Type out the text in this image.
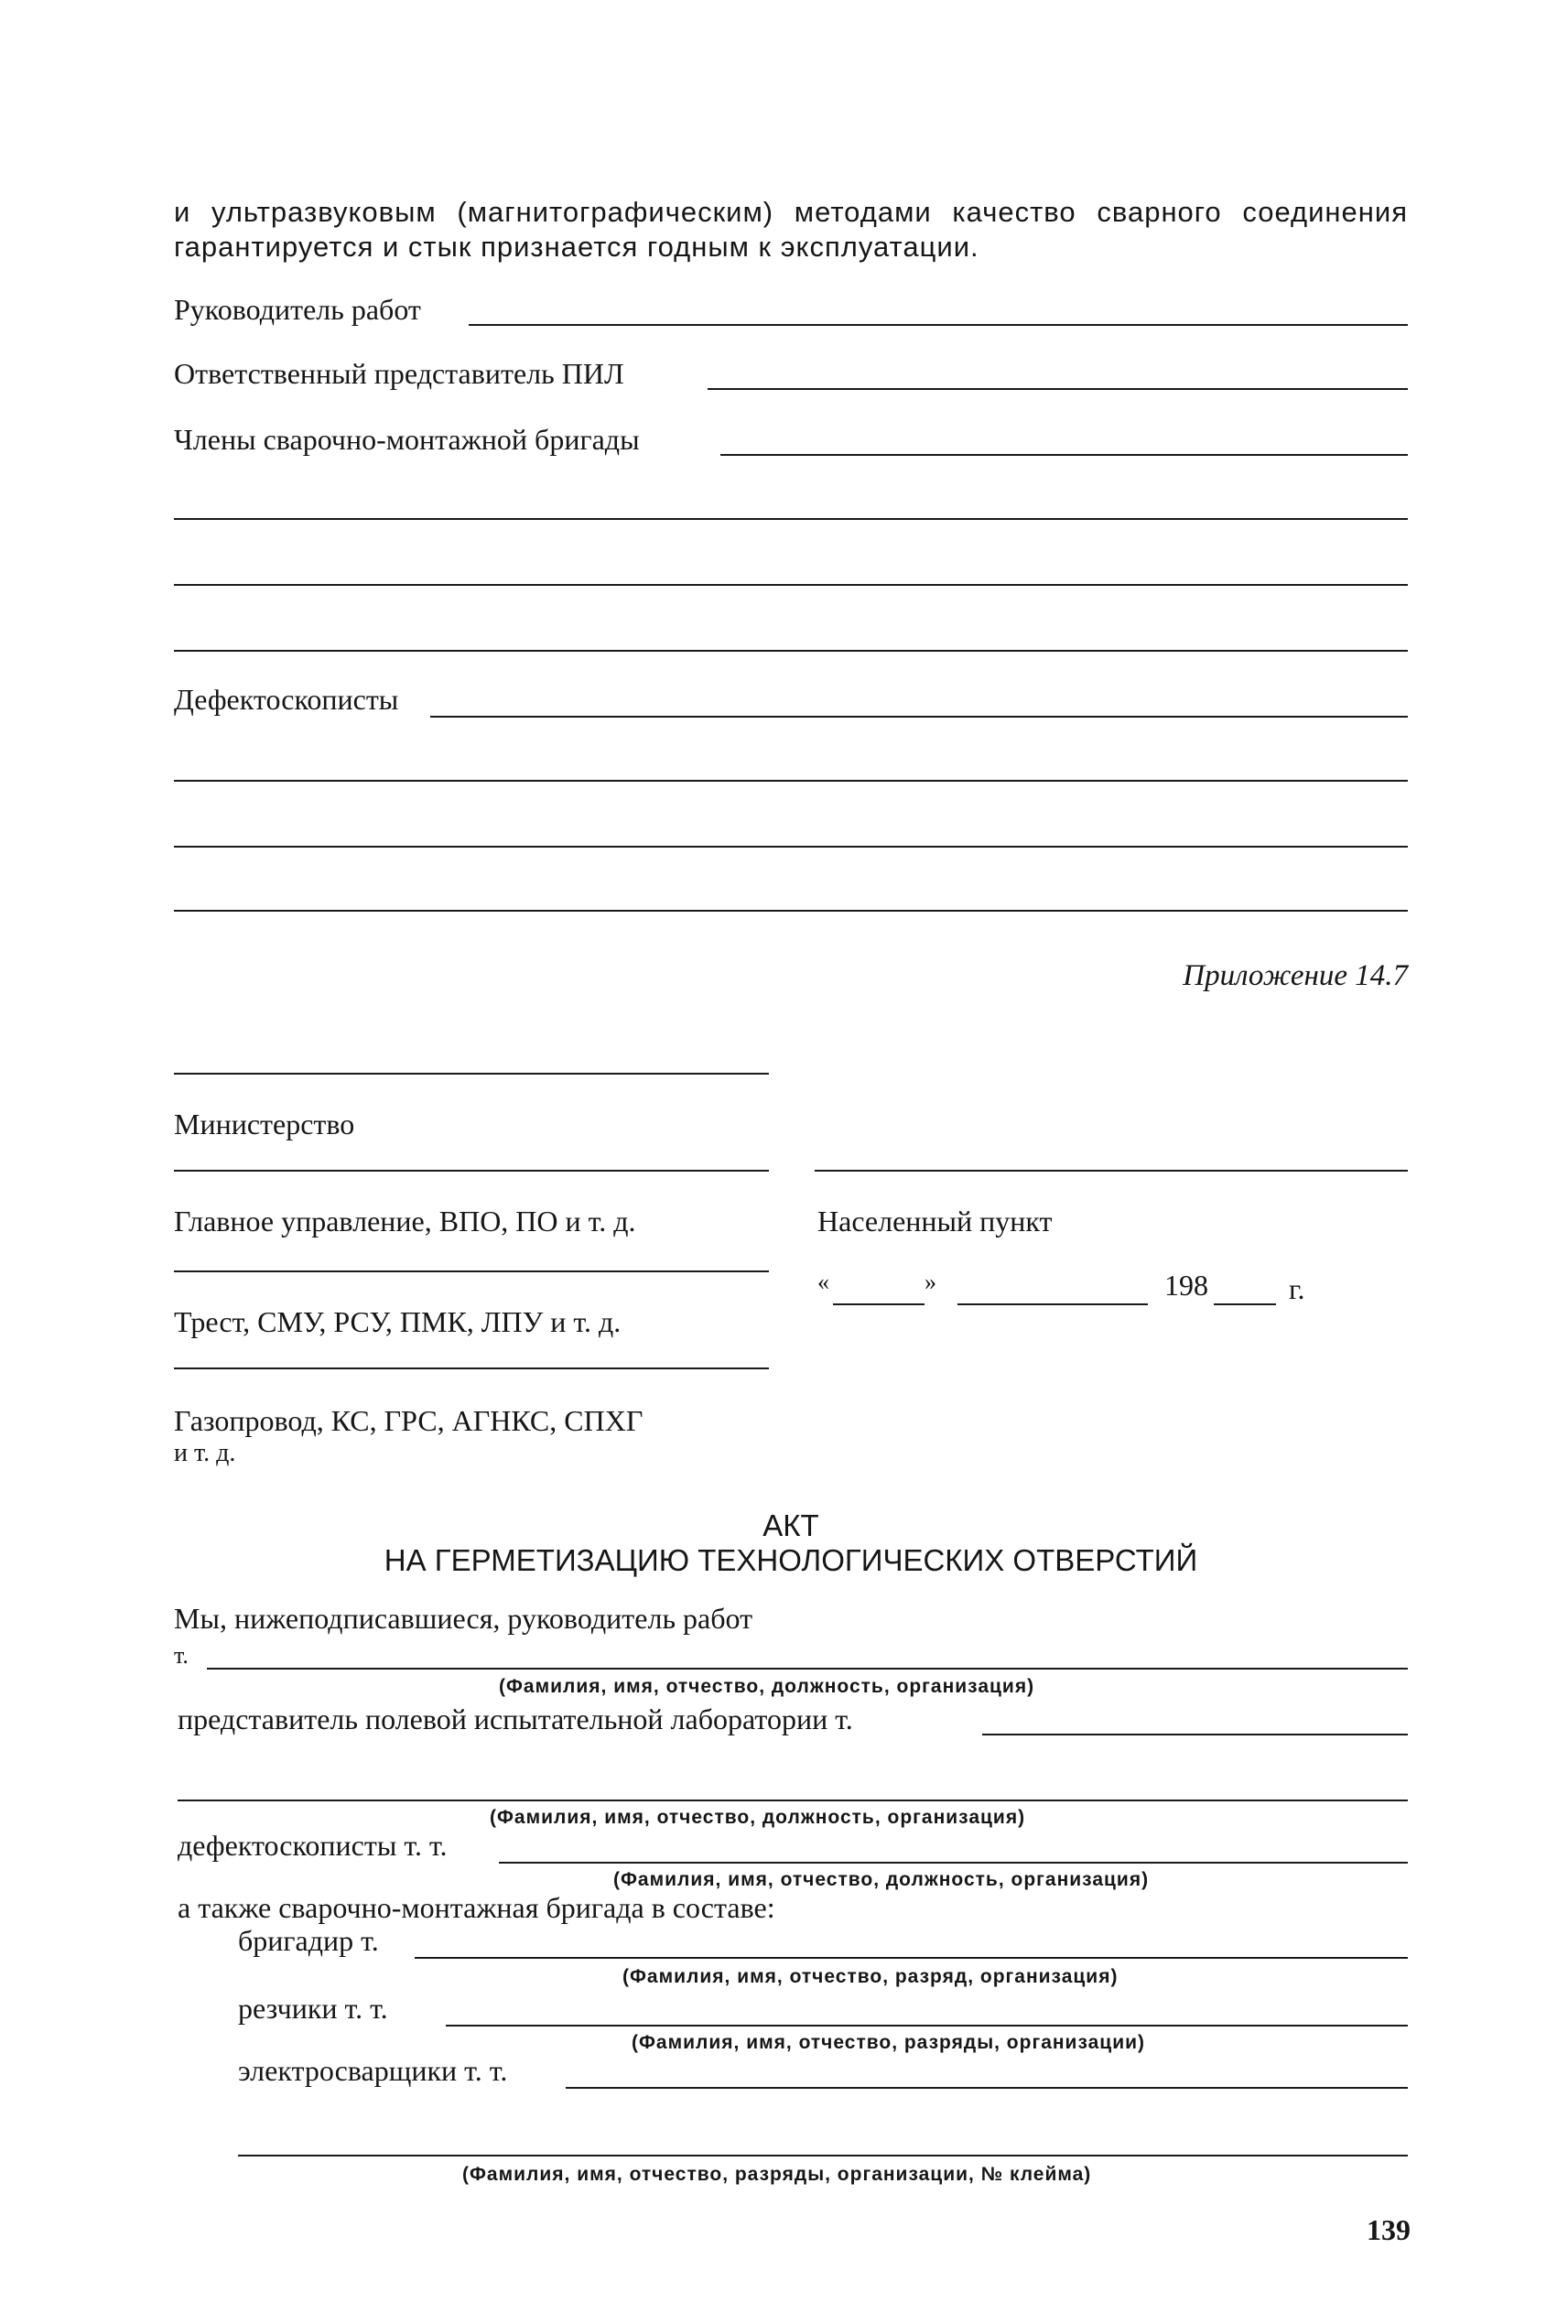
и ультразвуковым (магнитографическим) методами качество сварного соединения гарантируется и стык признается годным к эксплуатации.
Руководитель работ
Ответственный представитель ПИЛ
Члены сварочно-монтажной бригады
Дефектоскописты
Приложение 14.7
Министерство
Главное управление, ВПО, ПО и т. д.
Трест, СМУ, РСУ, ПМК, ЛПУ и т. д.
Газопровод, КС, ГРС, АГНКС, СПХГ
и т. д.
Населенный пункт
«	»	198	г.
АКТ
НА ГЕРМЕТИЗАЦИЮ ТЕХНОЛОГИЧЕСКИХ ОТВЕРСТИЙ
Мы, нижеподписавшиеся, руководитель работ
т.
(Фамилия, имя, отчество, должность, организация)
представитель полевой испытательной лаборатории т.
(Фамилия, имя, отчество, должность, организация)
дефектоскописты т. т.
(Фамилия, имя, отчество, должность, организация)
а также сварочно-монтажная бригада в составе:
бригадир т.
(Фамилия, имя, отчество, разряд, организация)
резчики т. т.
(Фамилия, имя, отчество, разряды, организации)
электросварщики т. т.
(Фамилия, имя, отчество, разряды, организации, № клейма)
139
